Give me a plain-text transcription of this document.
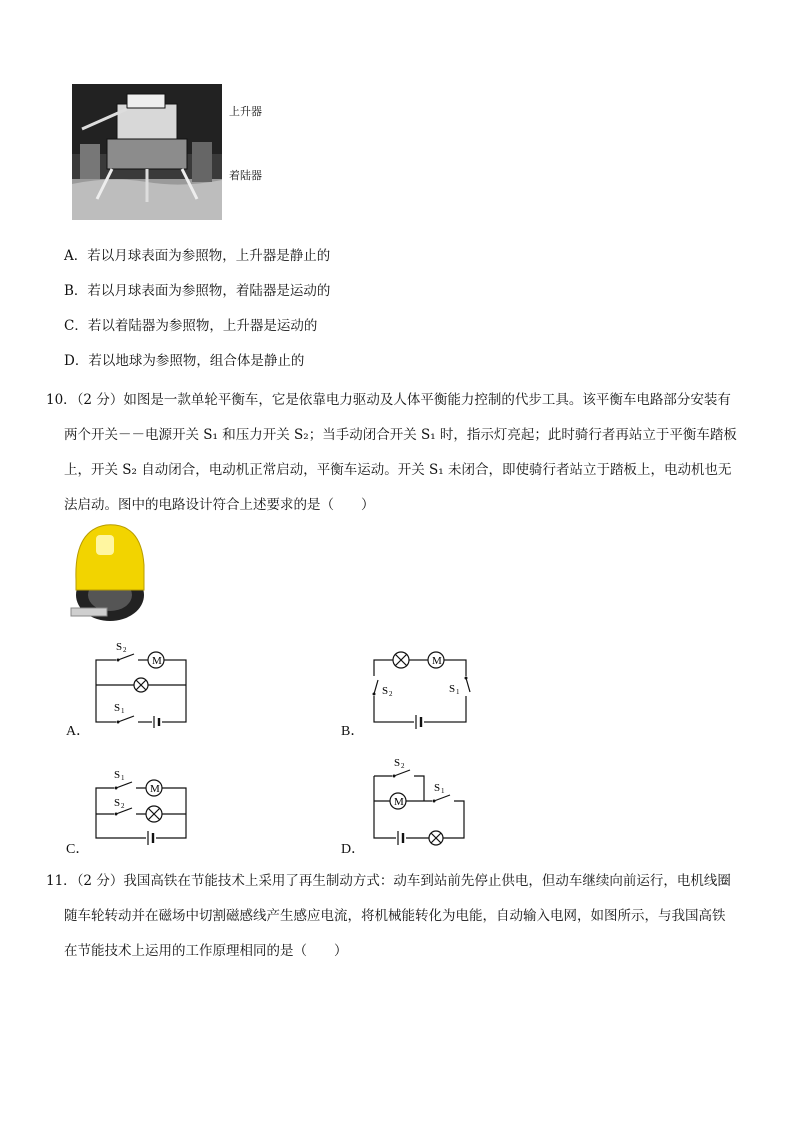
上升器
着陆器
A．若以月球表面为参照物，上升器是静止的
B．若以月球表面为参照物，着陆器是运动的
C．若以着陆器为参照物，上升器是运动的
D．若以地球为参照物，组合体是静止的
10．（2 分）如图是一款单轮平衡车，它是依靠电力驱动及人体平衡能力控制的代步工具。该平衡车电路部分安装有
两个开关－－电源开关 S₁ 和压力开关 S₂；当手动闭合开关 S₁ 时，指示灯亮起；此时骑行者再站立于平衡车踏板
上，开关 S₂ 自动闭合，电动机正常启动，平衡车运动。开关 S₁ 未闭合，即使骑行者站立于踏板上，电动机也无
法启动。图中的电路设计符合上述要求的是（　　）
M
S 2
S 1
A．
M
S 2	S 1
B．
M
S 1
S 2
C．
M
S 2
S 1
D．
11．（2 分）我国高铁在节能技术上采用了再生制动方式：动车到站前先停止供电，但动车继续向前运行，电机线圈
随车轮转动并在磁场中切割磁感线产生感应电流，将机械能转化为电能，自动输入电网，如图所示，与我国高铁
在节能技术上运用的工作原理相同的是（　　）
